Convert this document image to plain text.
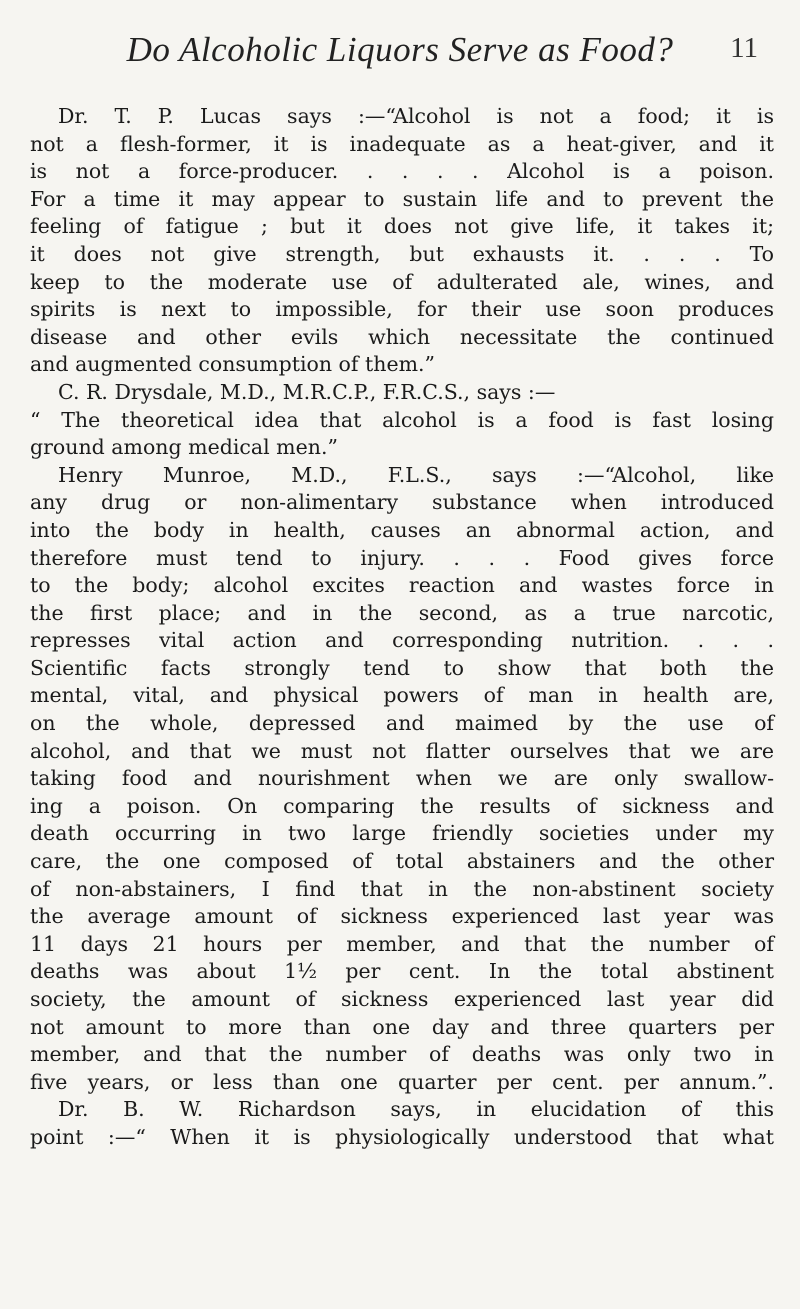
Do Alcoholic Liquors Serve as Food?	11
Dr. T. P. Lucas says :—“Alcohol is not a food; it is
not a flesh-former, it is inadequate as a heat-giver, and it
is not a force-producer. . . . . Alcohol is a poison.
For a time it may appear to sustain life and to prevent the
feeling of fatigue ; but it does not give life, it takes it;
it does not give strength, but exhausts it. . . . To
keep to the moderate use of adulterated ale, wines, and
spirits is next to impossible, for their use soon produces
disease and other evils which necessitate the continued
and augmented consumption of them.”
C. R. Drysdale, M.D., M.R.C.P., F.R.C.S., says :—
“ The theoretical idea that alcohol is a food is fast losing
ground among medical men.”
Henry Munroe, M.D., F.L.S., says :—“Alcohol, like
any drug or non-alimentary substance when introduced
into the body in health, causes an abnormal action, and
therefore must tend to injury. . . . Food gives force
to the body; alcohol excites reaction and wastes force in
the first place; and in the second, as a true narcotic,
represses vital action and corresponding nutrition. . . .
Scientific facts strongly tend to show that both the
mental, vital, and physical powers of man in health are,
on the whole, depressed and maimed by the use of
alcohol, and that we must not flatter ourselves that we are
taking food and nourishment when we are only swallow-
ing a poison. On comparing the results of sickness and
death occurring in two large friendly societies under my
care, the one composed of total abstainers and the other
of non-abstainers, I find that in the non-abstinent society
the average amount of sickness experienced last year was
11 days 21 hours per member, and that the number of
deaths was about 1½ per cent. In the total abstinent
society, the amount of sickness experienced last year did
not amount to more than one day and three quarters per
member, and that the number of deaths was only two in
five years, or less than one quarter per cent. per annum.”.
Dr. B. W. Richardson says, in elucidation of this
point :—“ When it is physiologically understood that what
